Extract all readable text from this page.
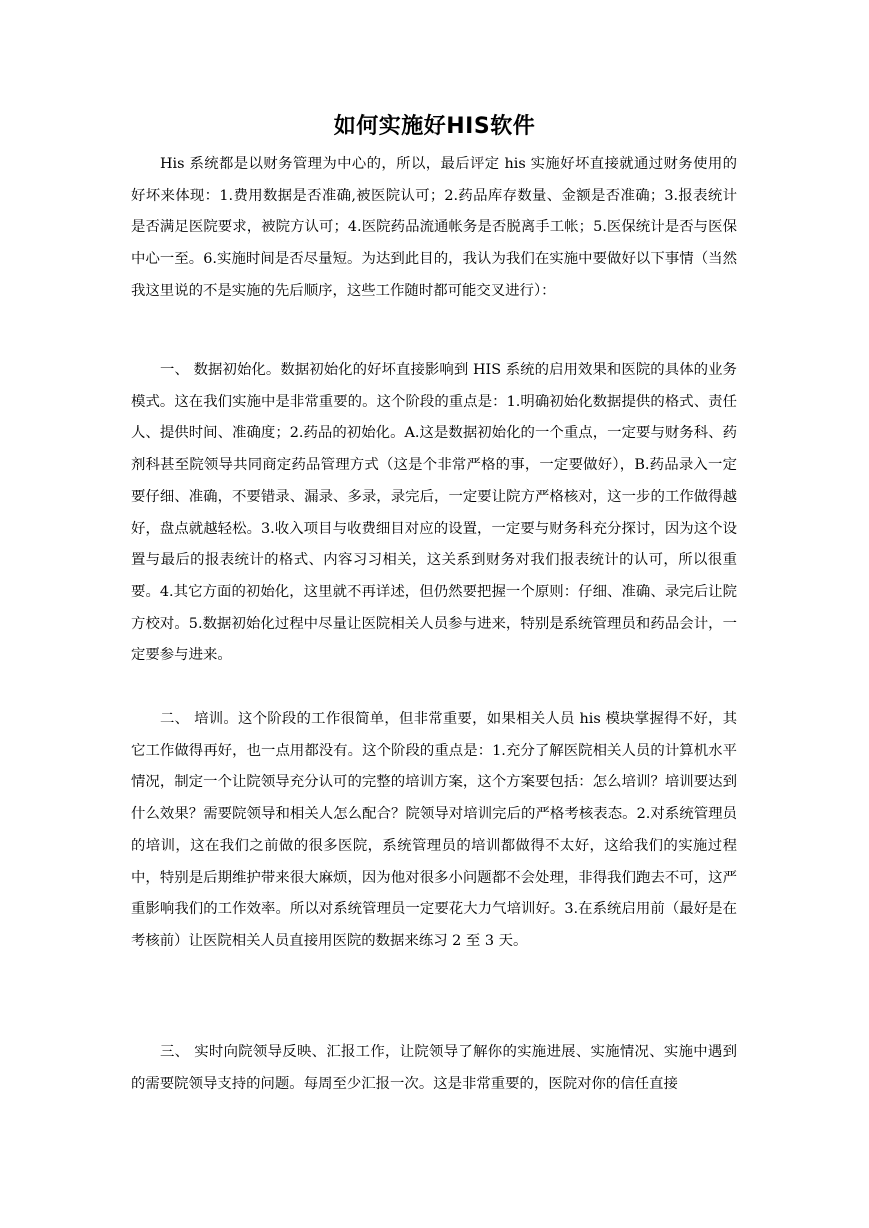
如何实施好HIS软件

His 系统都是以财务管理为中心的，所以，最后评定 his 实施好坏直接就通过财务使用的好坏来体现：1.费用数据是否准确,被医院认可；2.药品库存数量、金额是否准确；3.报表统计是否满足医院要求，被院方认可；4.医院药品流通帐务是否脱离手工帐；5.医保统计是否与医保中心一至。6.实施时间是否尽量短。为达到此目的，我认为我们在实施中要做好以下事情（当然我这里说的不是实施的先后顺序，这些工作随时都可能交叉进行）：

一、 数据初始化。数据初始化的好坏直接影响到 HIS 系统的启用效果和医院的具体的业务模式。这在我们实施中是非常重要的。这个阶段的重点是：1.明确初始化数据提供的格式、责任人、提供时间、准确度；2.药品的初始化。A.这是数据初始化的一个重点，一定要与财务科、药剂科甚至院领导共同商定药品管理方式（这是个非常严格的事，一定要做好），B.药品录入一定要仔细、准确，不要错录、漏录、多录，录完后，一定要让院方严格核对，这一步的工作做得越好，盘点就越轻松。3.收入项目与收费细目对应的设置，一定要与财务科充分探讨，因为这个设置与最后的报表统计的格式、内容习习相关，这关系到财务对我们报表统计的认可，所以很重要。4.其它方面的初始化，这里就不再详述，但仍然要把握一个原则：仔细、准确、录完后让院方校对。5.数据初始化过程中尽量让医院相关人员参与进来，特别是系统管理员和药品会计，一定要参与进来。

二、 培训。这个阶段的工作很简单，但非常重要，如果相关人员 his 模块掌握得不好，其它工作做得再好，也一点用都没有。这个阶段的重点是：1.充分了解医院相关人员的计算机水平情况，制定一个让院领导充分认可的完整的培训方案，这个方案要包括：怎么培训？培训要达到什么效果？需要院领导和相关人怎么配合？院领导对培训完后的严格考核表态。2.对系统管理员的培训，这在我们之前做的很多医院，系统管理员的培训都做得不太好，这给我们的实施过程中，特别是后期维护带来很大麻烦，因为他对很多小问题都不会处理，非得我们跑去不可，这严重影响我们的工作效率。所以对系统管理员一定要花大力气培训好。3.在系统启用前（最好是在考核前）让医院相关人员直接用医院的数据来练习 2 至 3 天。

三、 实时向院领导反映、汇报工作，让院领导了解你的实施进展、实施情况、实施中遇到的需要院领导支持的问题。每周至少汇报一次。这是非常重要的，医院对你的信任直接
